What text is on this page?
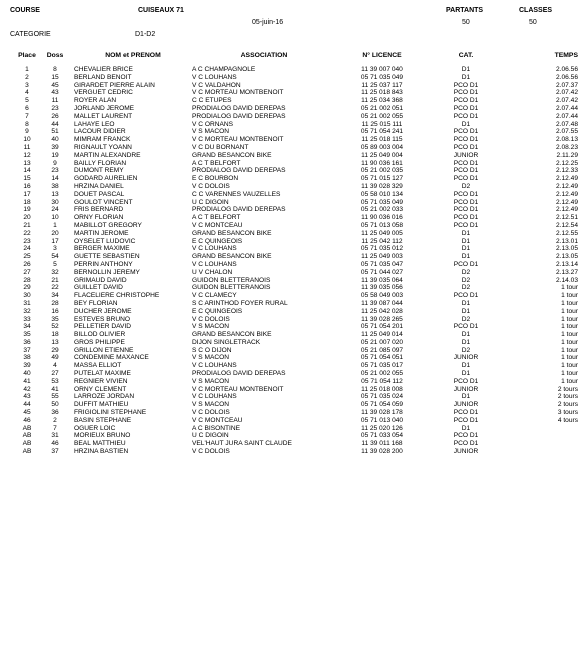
COURSE	CUISEAUX 71
05-juin-16
CATEGORIE	D1-D2
PARTANTS
50
CLASSES
50
Place	Doss	NOM et PRENOM	ASSOCIATION	N° LICENCE	CAT.	TEMPS
1	8	CHEVALIER BRICE	A C CHAMPAGNOLE	11 39 007 040	D1	2.06.56
2	15	BERLAND BENOIT	V C LOUHANS	05 71 035 049	D1	2.06.56
3	45	GIRARDET PIERRE ALAIN	V C VALDAHON	11 25 037 117	PCO D1	2.07.37
4	43	VERGUET CEDRIC	V C MORTEAU MONTBENOIT	11 25 018 843	PCO D1	2.07.42
5	11	ROYER ALAN	C C ETUPES	11 25 034 368	PCO D1	2.07.42
6	23	JORLAND JEROME	PRODIALOG DAVID DEREPAS	05 21 002 051	PCO D1	2.07.44
7	26	MALLET LAURENT	PRODIALOG DAVID DEREPAS	05 21 002 055	PCO D1	2.07.44
8	44	LAHAYE LEO	V C ORNANS	11 25 015 111	D1	2.07.48
9	51	LACOUR DIDIER	V S MACON	05 71 054 241	PCO D1	2.07.55
10	40	MIMRAM FRANCK	V C MORTEAU MONTBENOIT	11 25 018 115	PCO D1	2.08.13
11	39	RIGNAULT YOANN	V C DU BORNANT	05 89 003 004	PCO D1	2.08.23
12	19	MARTIN ALEXANDRE	GRAND BESANCON BIKE	11 25 049 004	JUNIOR	2.11.29
13	9	BAILLY FLORIAN	A C T BELFORT	11 90 036 161	PCO D1	2.12.25
14	23	DUMONT REMY	PRODIALOG DAVID DEREPAS	05 21 002 035	PCO D1	2.12.33
15	14	GODARD AURELIEN	E C BOURBON	05 71 015 127	PCO D1	2.12.49
16	38	HRZINA DANIEL	V C DOLOIS	11 39 028 329	D2	2.12.49
17	13	DOUET PASCAL	C C VARENNES VAUZELLES	05 58 010 134	PCO D1	2.12.49
18	30	GOULOT VINCENT	U C DIGOIN	05 71 035 049	PCO D1	2.12.49
19	24	FRIS BERNARD	PRODIALOG DAVID DEREPAS	05 21 002 033	PCO D1	2.12.49
20	10	ORNY FLORIAN	A C T BELFORT	11 90 036 016	PCO D1	2.12.51
21	1	MABILLOT GREGORY	V C MONTCEAU	05 71 013 058	PCO D1	2.12.54
22	20	MARTIN JEROME	GRAND BESANCON BIKE	11 25 049 005	D1	2.12.55
23	17	OYSELET LUDOVIC	E C QUINGEOIS	11 25 042 112	D1	2.13.01
24	3	BERGER MAXIME	V C LOUHANS	05 71 035 012	D1	2.13.05
25	54	GUETTE SEBASTIEN	GRAND BESANCON BIKE	11 25 049 003	D1	2.13.05
26	5	PERRIN ANTHONY	V C LOUHANS	05 71 035 047	PCO D1	2.13.14
27	32	BERNOLLIN JEREMY	U V CHALON	05 71 044 027	D2	2.13.27
28	21	GRIMAUD DAVID	GUIDON BLETTERANOIS	11 39 035 064	D2	2.14.03
29	22	GUILLET DAVID	GUIDON BLETTERANOIS	11 39 035 056	D2	1 tour
30	34	FLACELIERE CHRISTOPHE	V C CLAMECY	05 58 049 003	PCO D1	1 tour
31	28	BEY FLORIAN	S C ARINTHOD FOYER RURAL	11 39 087 044	D1	1 tour
32	16	DUCHER JEROME	E C QUINGEOIS	11 25 042 028	D1	1 tour
33	35	ESTEVES BRUNO	V C DOLOIS	11 39 028 265	D2	1 tour
34	52	PELLETIER DAVID	V S MACON	05 71 054 201	PCO D1	1 tour
35	18	BILLOD OLIVIER	GRAND BESANCON BIKE	11 25 049 014	D1	1 tour
36	13	GROS PHILIPPE	DIJON SINGLETRACK	05 21 007 020	D1	1 tour
37	29	GRILLON ETIENNE	S C O DIJON	05 21 085 097	D2	1 tour
38	49	CONDEMINE MAXANCE	V S MACON	05 71 054 051	JUNIOR	1 tour
39	4	MASSA ELLIOT	V C LOUHANS	05 71 035 017	D1	1 tour
40	27	PUTELAT MAXIME	PRODIALOG DAVID DEREPAS	05 21 002 055	D1	1 tour
41	53	REGNIER VIVIEN	V S MACON	05 71 054 112	PCO D1	1 tour
42	41	ORNY CLEMENT	V C MORTEAU MONTBENOIT	11 25 018 008	JUNIOR	2 tours
43	55	LARROZE JORDAN	V C LOUHANS	05 71 035 024	D1	2 tours
44	50	DUFFIT MATHIEU	V S MACON	05 71 054 059	JUNIOR	2 tours
45	36	FRIGIOLINI STEPHANE	V C DOLOIS	11 39 028 178	PCO D1	3 tours
46	2	BASIN STEPHANE	V C MONTCEAU	05 71 013 040	PCO D1	4 tours
AB	7	OGUER LOIC	A C BISONTINE	11 25 020 126	D1	
AB	31	MORIEUX BRUNO	U C DIGOIN	05 71 033 054	PCO D1	
AB	46	BEAL MATTHIEU	VEL'HAUT JURA SAINT CLAUDE	11 39 011 168	PCO D1	
AB	37	HRZINA BASTIEN	V C DOLOIS	11 39 028 200	JUNIOR	
